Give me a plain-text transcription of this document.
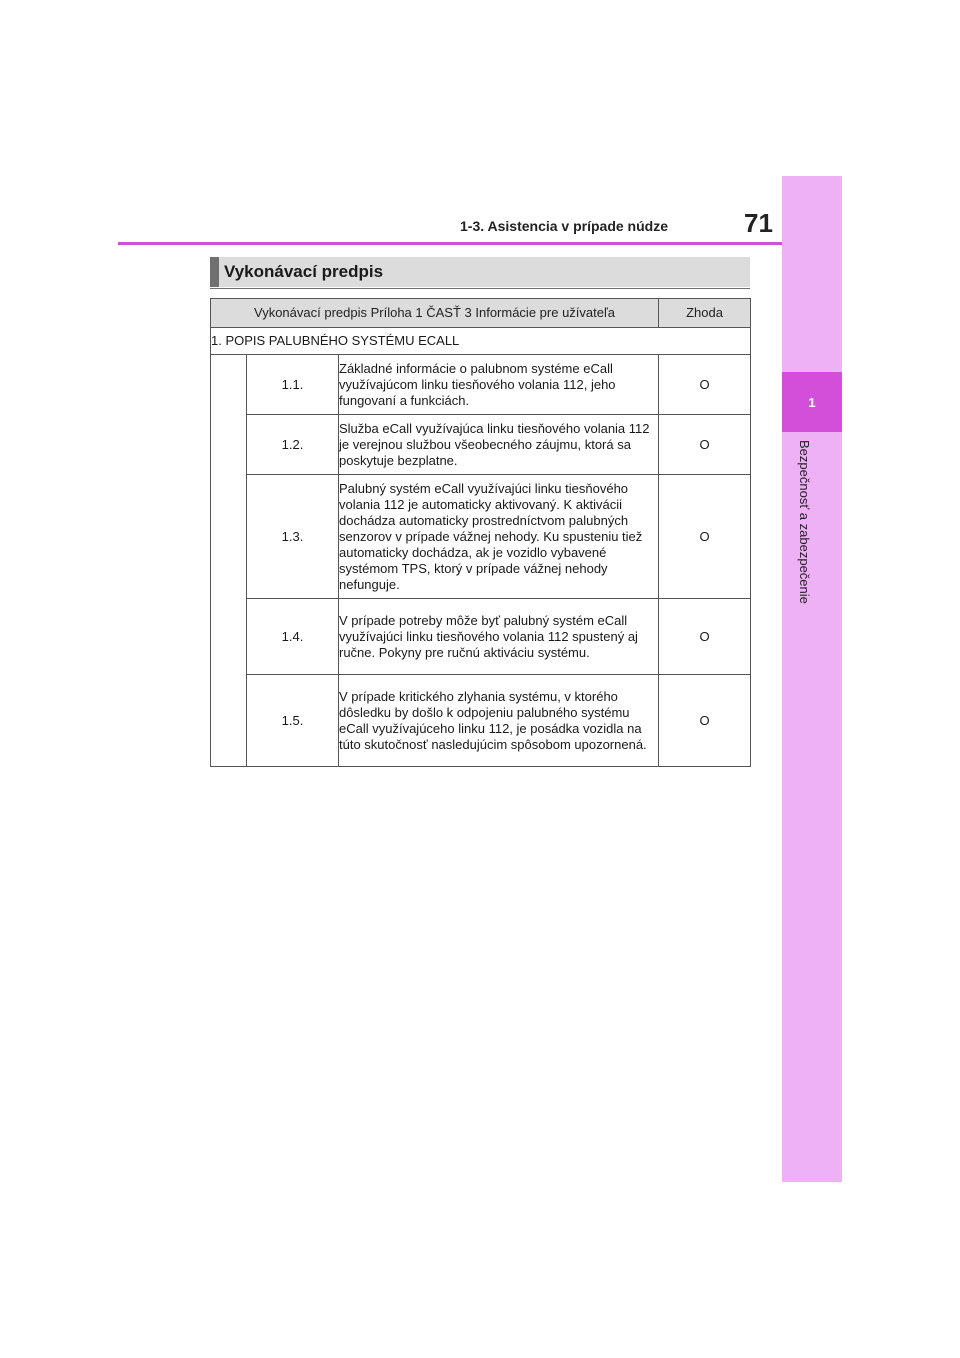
1
Bezpečnosť a zabezpečenie
1-3. Asistencia v prípade núdze	71
Vykonávací predpis
Vykonávací predpis Príloha 1 ČASŤ 3 Informácie pre užívateľa			Zhoda
1. POPIS PALUBNÉHO SYSTÉMU ECALL			
	1.1.	Základné informácie o palubnom systéme eCall využívajúcom linku tiesňového volania 112, jeho fungovaní a funkciách.	O
	1.2.	Služba eCall využívajúca linku tiesňového volania 112 je verejnou službou všeobecného záujmu, ktorá sa poskytuje bezplatne.	O
	1.3.	Palubný systém eCall využívajúci linku tiesňového volania 112 je automaticky aktivovaný. K aktivácii dochádza automaticky prostredníctvom palubných senzorov v prípade vážnej nehody. Ku spusteniu tiež automaticky dochádza, ak je vozidlo vybavené systémom TPS, ktorý v prípade vážnej nehody nefunguje.	O
	1.4.	V prípade potreby môže byť palubný systém eCall využívajúci linku tiesňového volania 112 spustený aj ručne. Pokyny pre ručnú aktiváciu systému.	O
	1.5.	V prípade kritického zlyhania systému, v ktorého dôsledku by došlo k odpojeniu palubného systému eCall využívajúceho linku 112, je posádka vozidla na túto skutočnosť nasledujúcim spôsobom upozornená.	O
